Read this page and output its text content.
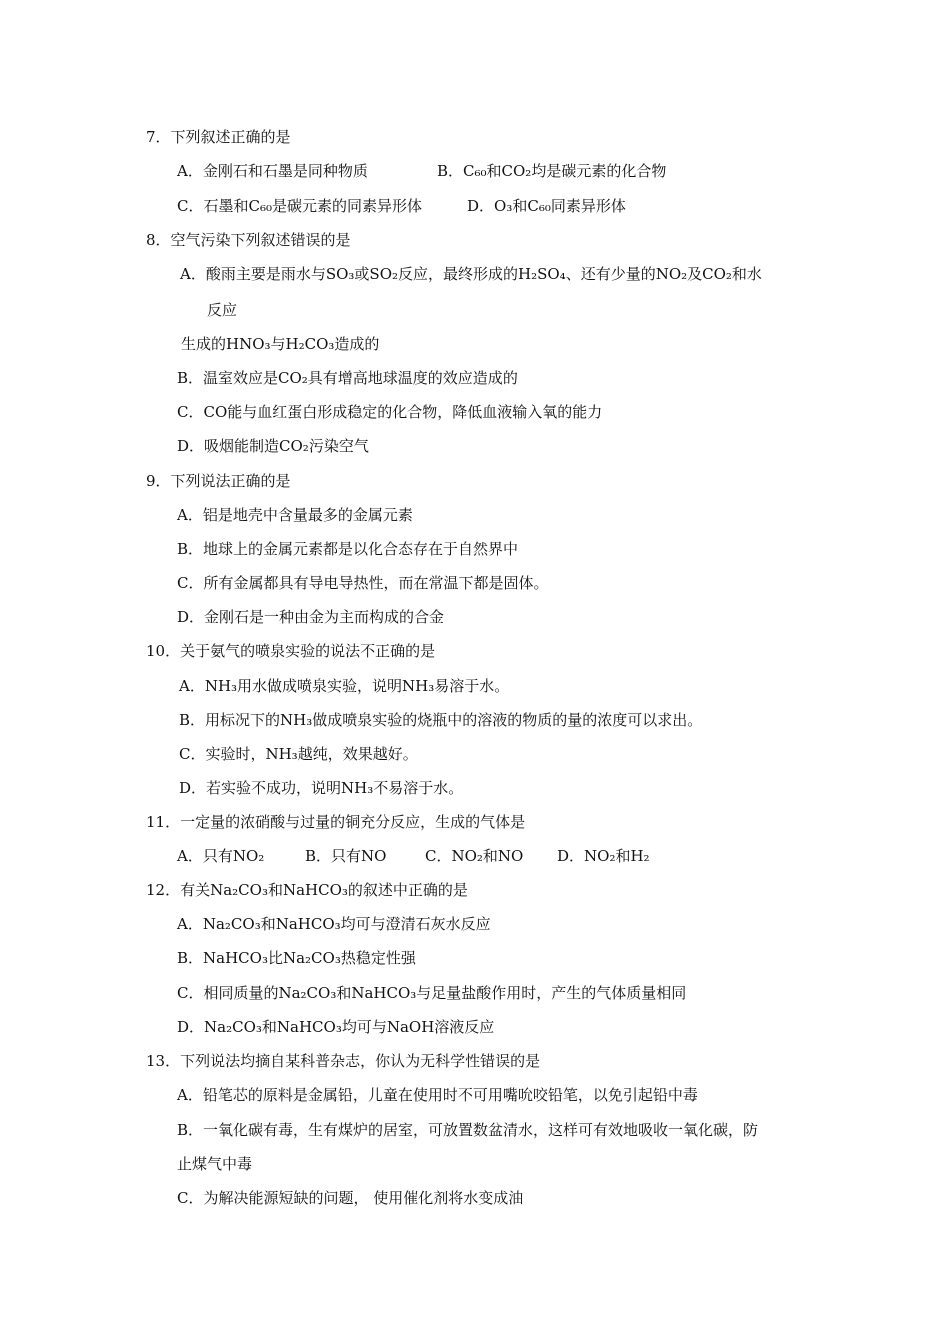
7．下列叙述正确的是
A．金刚石和石墨是同种物质	B．C₆₀和CO₂均是碳元素的化合物
C．石墨和C₆₀是碳元素的同素异形体	D．O₃和C₆₀同素异形体
8．空气污染下列叙述错误的是
A．酸雨主要是雨水与SO₃或SO₂反应，最终形成的H₂SO₄、还有少量的NO₂及CO₂和水
反应
生成的HNO₃与H₂CO₃造成的
B．温室效应是CO₂具有增高地球温度的效应造成的
C．CO能与血红蛋白形成稳定的化合物，降低血液输入氧的能力
D．吸烟能制造CO₂污染空气
9．下列说法正确的是
A．铝是地壳中含量最多的金属元素
B．地球上的金属元素都是以化合态存在于自然界中
C．所有金属都具有导电导热性，而在常温下都是固体。
D．金刚石是一种由金为主而构成的合金
10．关于氨气的喷泉实验的说法不正确的是
A．NH₃用水做成喷泉实验，说明NH₃易溶于水。
B．用标况下的NH₃做成喷泉实验的烧瓶中的溶液的物质的量的浓度可以求出。
C．实验时，NH₃越纯，效果越好。
D．若实验不成功，说明NH₃不易溶于水。
11．一定量的浓硝酸与过量的铜充分反应，生成的气体是
A．只有NO₂	B．只有NO	C．NO₂和NO D．NO₂和H₂
12．有关Na₂CO₃和NaHCO₃的叙述中正确的是
A．Na₂CO₃和NaHCO₃均可与澄清石灰水反应
B．NaHCO₃比Na₂CO₃热稳定性强
C．相同质量的Na₂CO₃和NaHCO₃与足量盐酸作用时，产生的气体质量相同
D．Na₂CO₃和NaHCO₃均可与NaOH溶液反应
13．下列说法均摘自某科普杂志，你认为无科学性错误的是
A．铅笔芯的原料是金属铅，儿童在使用时不可用嘴吮咬铅笔，以免引起铅中毒
B．一氧化碳有毒，生有煤炉的居室，可放置数盆清水，这样可有效地吸收一氧化碳，防
止煤气中毒
C．为解决能源短缺的问题， 使用催化剂将水变成油
